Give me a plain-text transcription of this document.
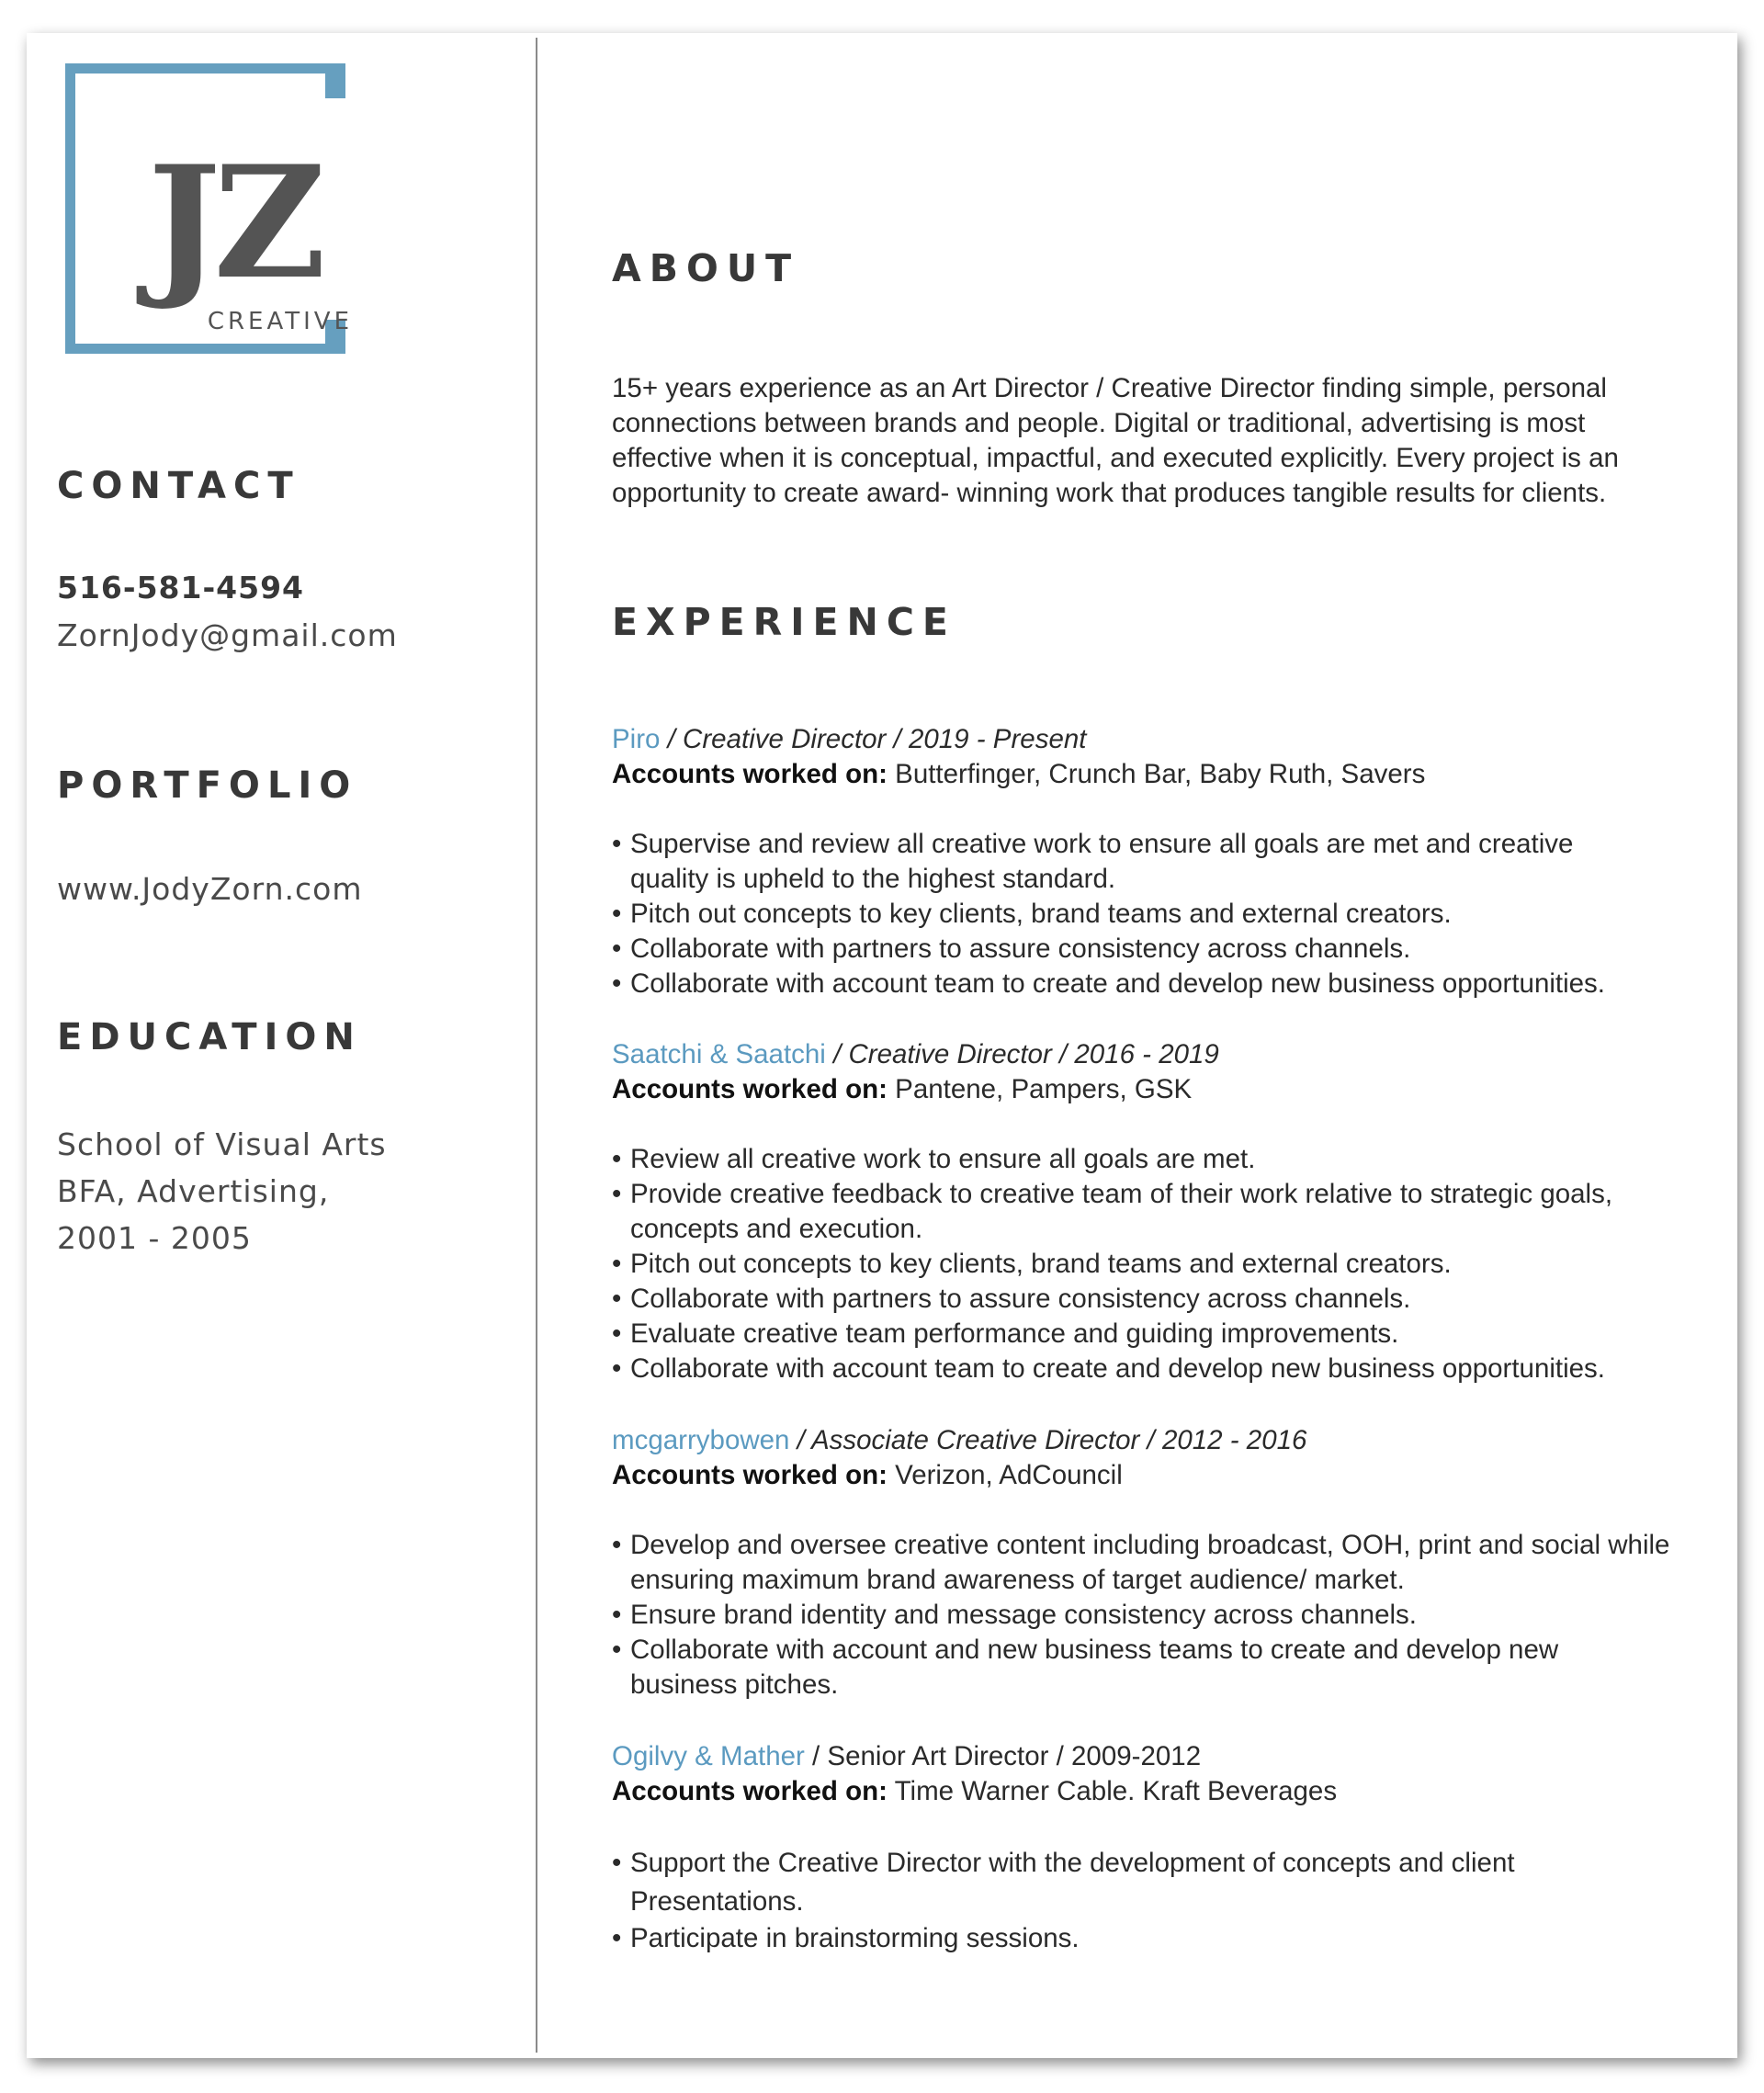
JZ
CREATIVE
CONTACT
516-581-4594
ZornJody@gmail.com
PORTFOLIO
www.JodyZorn.com
EDUCATION
School of Visual Arts
BFA, Advertising,
2001 - 2005
ABOUT

15+ years experience as an Art Director / Creative Director finding simple, personal connections between brands and people. Digital or traditional, advertising is most effective when it is conceptual, impactful, and executed explicitly. Every project is an opportunity to create award- winning work that produces tangible results for clients.

EXPERIENCE
Piro / Creative Director / 2019 - Present
Accounts worked on: Butterfinger, Crunch Bar, Baby Ruth, Savers
• Supervise and review all creative work to ensure all goals are met and creative quality is upheld to the highest standard.
• Pitch out concepts to key clients, brand teams and external creators.
• Collaborate with partners to assure consistency across channels.
• Collaborate with account team to create and develop new business opportunities.
Saatchi & Saatchi / Creative Director / 2016 - 2019
Accounts worked on: Pantene, Pampers, GSK
• Review all creative work to ensure all goals are met.
• Provide creative feedback to creative team of their work relative to strategic goals, concepts and execution.
• Pitch out concepts to key clients, brand teams and external creators.
• Collaborate with partners to assure consistency across channels.
• Evaluate creative team performance and guiding improvements.
• Collaborate with account team to create and develop new business opportunities.
mcgarrybowen / Associate Creative Director / 2012 - 2016
Accounts worked on: Verizon, AdCouncil
• Develop and oversee creative content including broadcast, OOH, print and social while ensuring maximum brand awareness of target audience/ market.
• Ensure brand identity and message consistency across channels.
• Collaborate with account and new business teams to create and develop new business pitches.
Ogilvy & Mather / Senior Art Director / 2009-2012
Accounts worked on: Time Warner Cable. Kraft Beverages
• Support the Creative Director with the development of concepts and client Presentations.
• Participate in brainstorming sessions.
